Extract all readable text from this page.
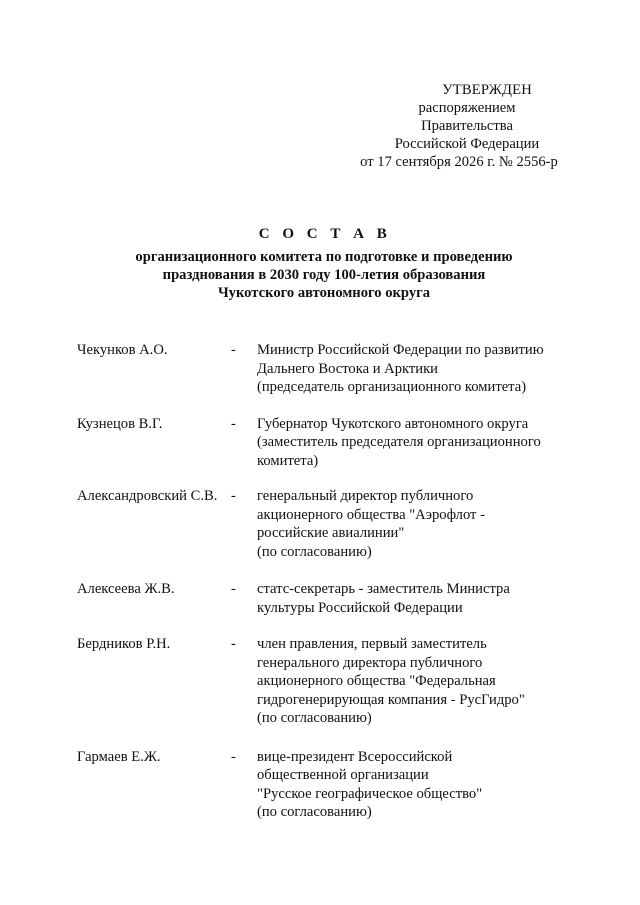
УТВЕРЖДЕН
распоряжением Правительства
Российской Федерации
от 17 сентября 2026 г. № 2556-р
С О С Т А В
организационного комитета по подготовке и проведению
празднования в 2030 году 100-летия образования
Чукотского автономного округа
Чекунков А.О.	-	Министр Российской Федерации по развитию
Дальнего Востока и Арктики
(председатель организационного комитета)
Кузнецов В.Г.	-	Губернатор Чукотского автономного округа
(заместитель председателя организационного
комитета)
Александровский С.В. -	генеральный директор публичного
акционерного общества "Аэрофлот -
российские авиалинии"
(по согласованию)
Алексеева Ж.В.	-	статс-секретарь - заместитель Министра
культуры Российской Федерации
Бердников Р.Н.	-	член правления, первый заместитель
генерального директора публичного
акционерного общества "Федеральная
гидрогенерирующая компания - РусГидро"
(по согласованию)
Гармаев Е.Ж.	-	вице-президент Всероссийской
общественной организации
"Русское географическое общество"
(по согласованию)
